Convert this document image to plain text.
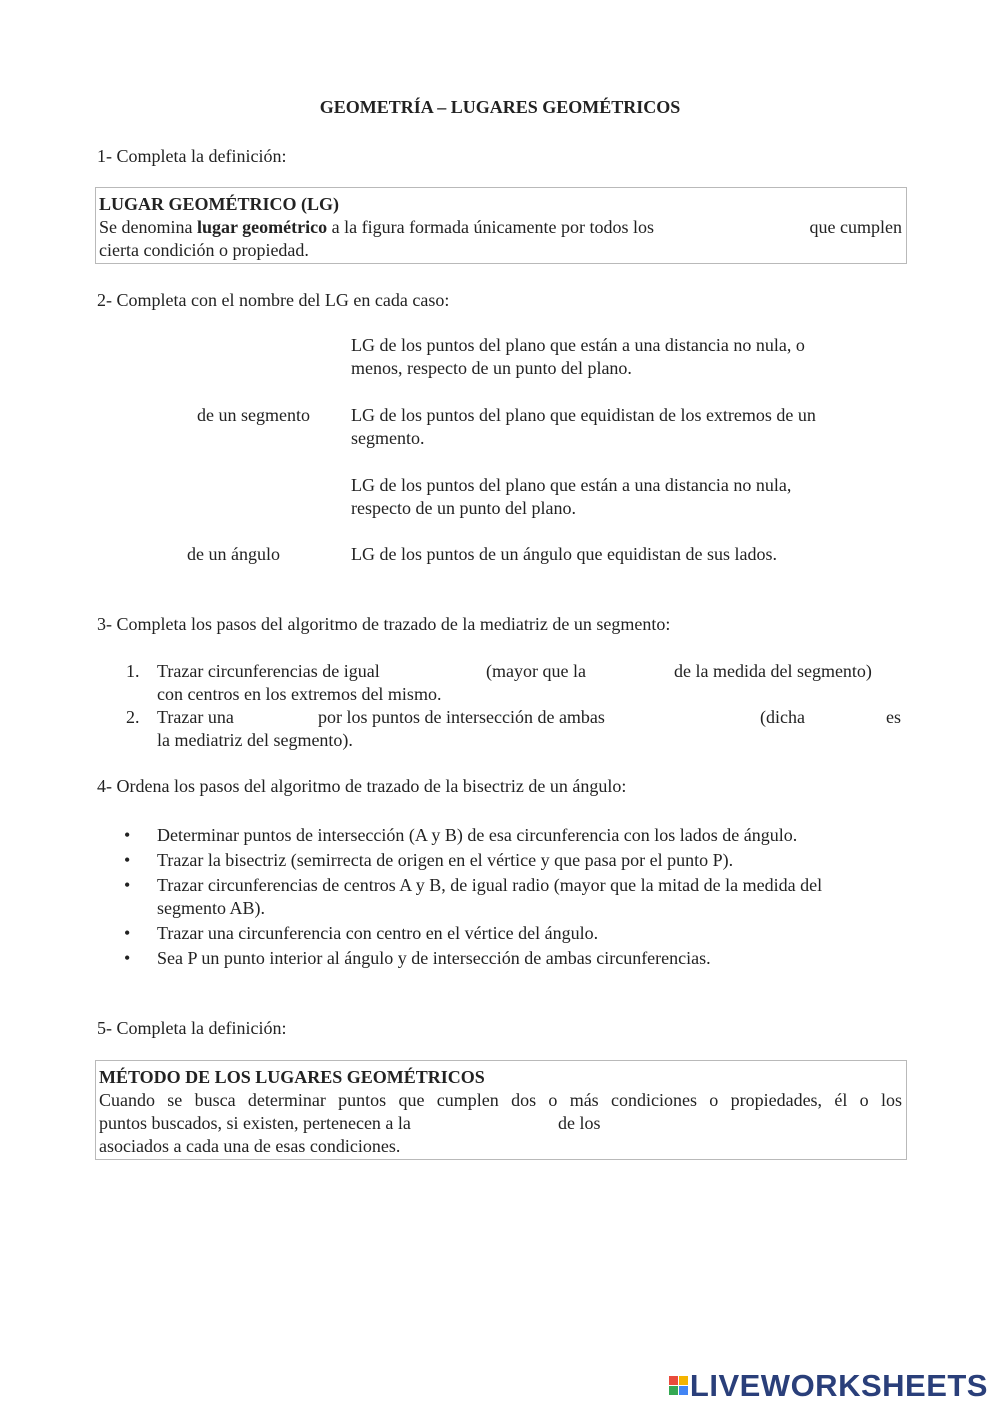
GEOMETRÍA – LUGARES GEOMÉTRICOS
1- Completa la definición:
LUGAR GEOMÉTRICO (LG)
Se denomina lugar geométrico a la figura formada únicamente por todos los	que cumplen
cierta condición o propiedad.
2- Completa con el nombre del LG en cada caso:
LG de los puntos del plano que están a una distancia no nula, o
menos, respecto de un punto del plano.
de un segmento LG de los puntos del plano que equidistan de los extremos de un
segmento.
LG de los puntos del plano que están a una distancia no nula,
respecto de un punto del plano.
de un ángulo	LG de los puntos de un ángulo que equidistan de sus lados.
3- Completa los pasos del algoritmo de trazado de la mediatriz de un segmento:
1. Trazar circunferencias de igual	(mayor que la	de la medida del segmento)
con centros en los extremos del mismo.
2. Trazar una	por los puntos de intersección de ambas	(dicha	es
la mediatriz del segmento).
4- Ordena los pasos del algoritmo de trazado de la bisectriz de un ángulo:
• Determinar puntos de intersección (A y B) de esa circunferencia con los lados de ángulo.
• Trazar la bisectriz (semirrecta de origen en el vértice y que pasa por el punto P).
• Trazar circunferencias de centros A y B, de igual radio (mayor que la mitad de la medida del
segmento AB).
• Trazar una circunferencia con centro en el vértice del ángulo.
• Sea P un punto interior al ángulo y de intersección de ambas circunferencias.
5- Completa la definición:
MÉTODO DE LOS LUGARES GEOMÉTRICOS
Cuando se busca determinar puntos que cumplen dos o más condiciones o propiedades, él o los
puntos buscados, si existen, pertenecen a la	de los
asociados a cada una de esas condiciones.
LIVEWORKSHEETS
